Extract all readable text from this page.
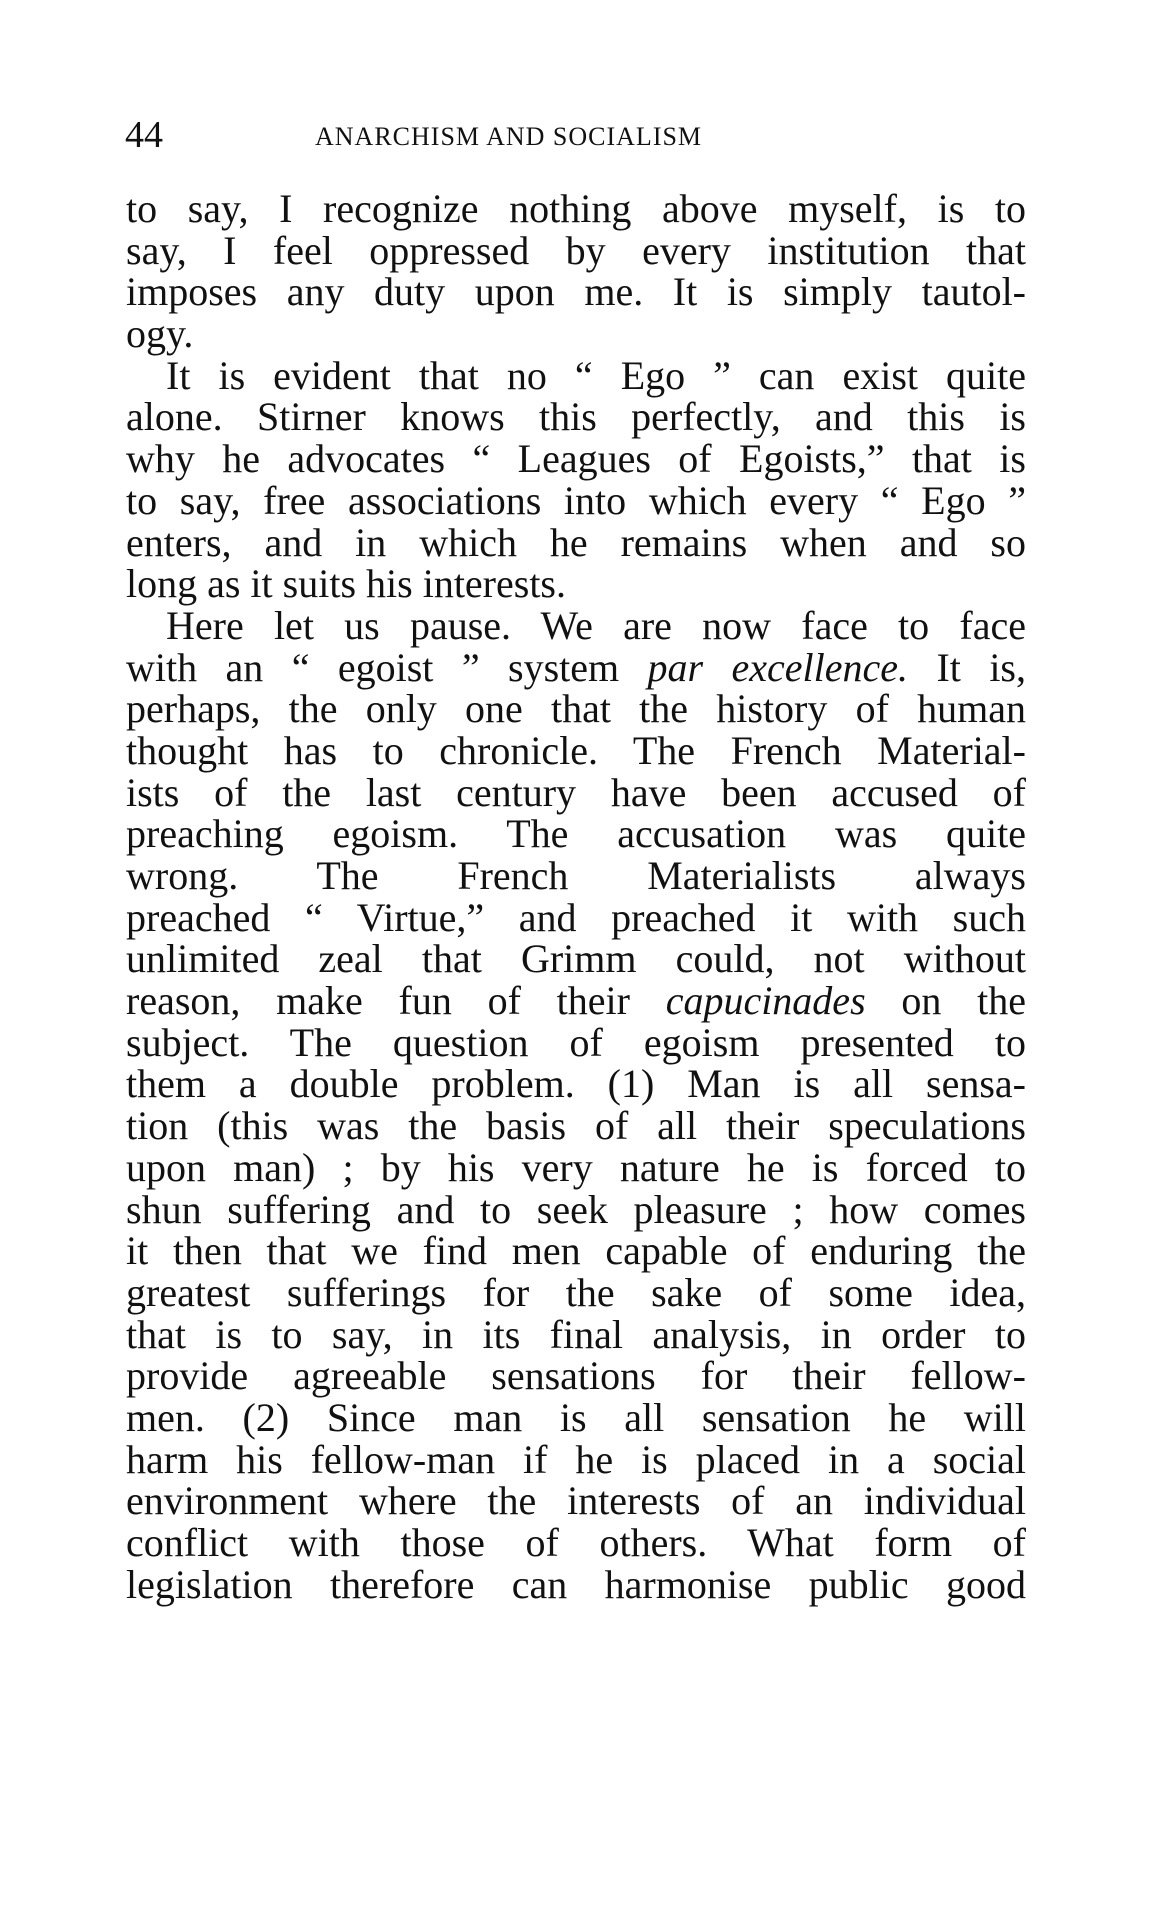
44	ANARCHISM AND SOCIALISM
to say, I recognize nothing above myself, is to
say, I feel oppressed by every institution that
imposes any duty upon me. It is simply tautol-
ogy.
It is evident that no “ Ego ” can exist quite
alone. Stirner knows this perfectly, and this is
why he advocates “ Leagues of Egoists,” that is
to say, free associations into which every “ Ego ”
enters, and in which he remains when and so
long as it suits his interests.
Here let us pause. We are now face to face
with an “ egoist ” system par excellence. It is,
perhaps, the only one that the history of human
thought has to chronicle. The French Material-
ists of the last century have been accused of
preaching egoism. The accusation was quite
wrong. The French Materialists always
preached “ Virtue,” and preached it with such
unlimited zeal that Grimm could, not without
reason, make fun of their capucinades on the
subject. The question of egoism presented to
them a double problem. (1) Man is all sensa-
tion (this was the basis of all their speculations
upon man) ; by his very nature he is forced to
shun suffering and to seek pleasure ; how comes
it then that we find men capable of enduring the
greatest sufferings for the sake of some idea,
that is to say, in its final analysis, in order to
provide agreeable sensations for their fellow-
men. (2) Since man is all sensation he will
harm his fellow-man if he is placed in a social
environment where the interests of an individual
conflict with those of others. What form of
legislation therefore can harmonise public good
